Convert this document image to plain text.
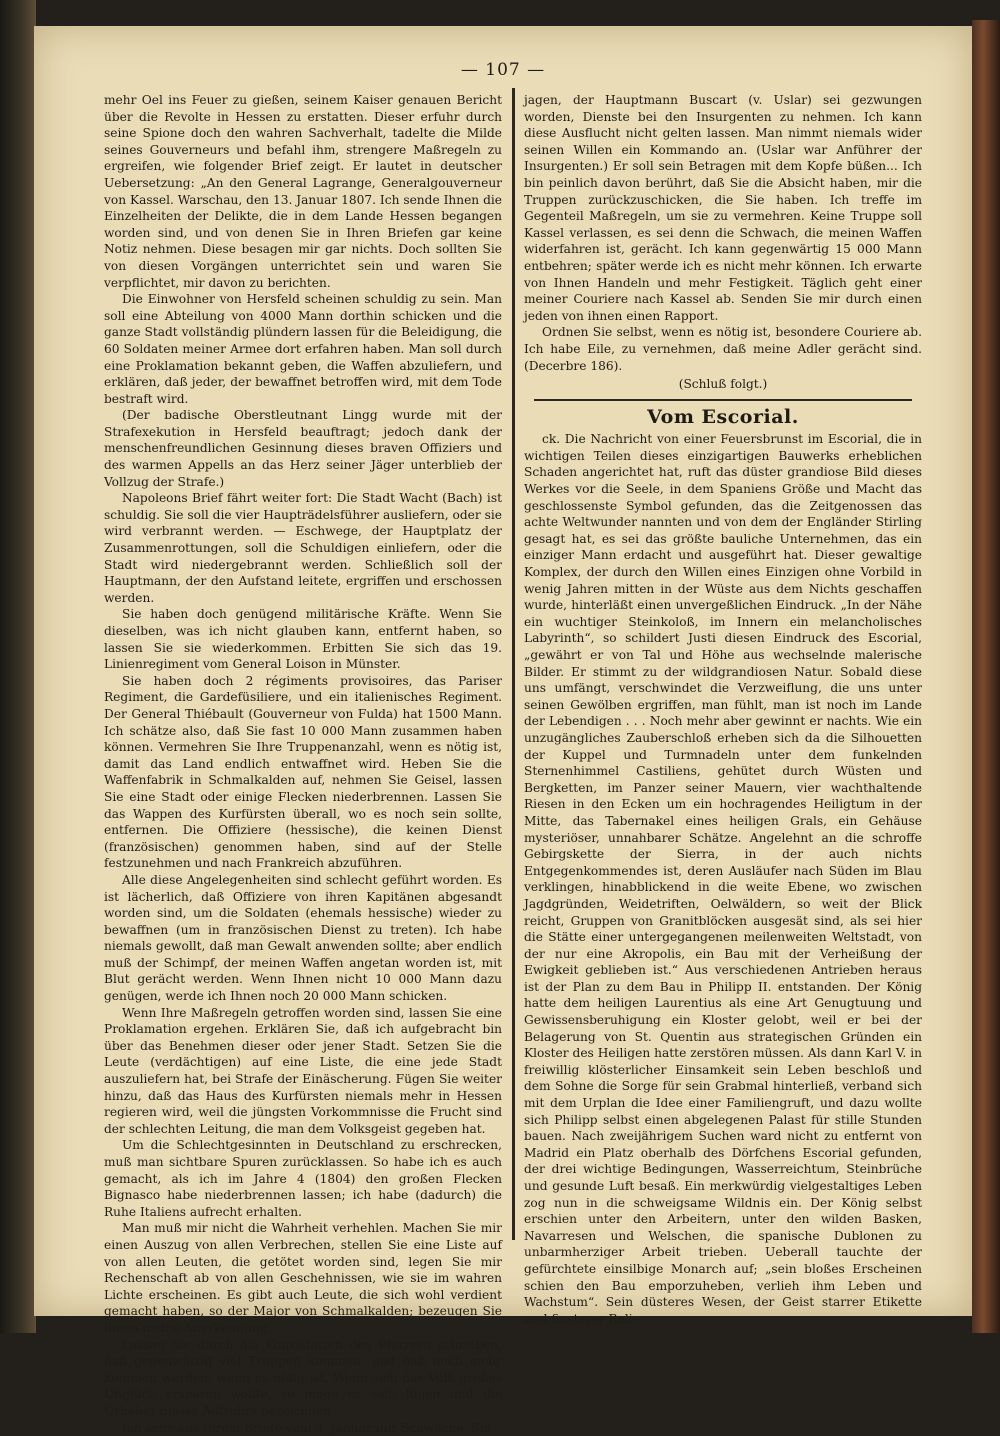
— 107 —

mehr Oel ins Feuer zu gießen, seinem Kaiser genauen Bericht über die Revolte in Hessen zu erstatten. Dieser erfuhr durch seine Spione doch den wahren Sachverhalt, tadelte die Milde seines Gouverneurs und befahl ihm, strengere Maßregeln zu ergreifen, wie folgender Brief zeigt. Er lautet in deutscher Uebersetzung: „An den General Lagrange, Generalgouverneur von Kassel. Warschau, den 13. Januar 1807. Ich sende Ihnen die Einzelheiten der Delikte, die in dem Lande Hessen begangen worden sind, und von denen Sie in Ihren Briefen gar keine Notiz nehmen. Diese besagen mir gar nichts. Doch sollten Sie von diesen Vorgängen unterrichtet sein und waren Sie verpflichtet, mir davon zu berichten.

Die Einwohner von Hersfeld scheinen schuldig zu sein. Man soll eine Abteilung von 4000 Mann dorthin schicken und die ganze Stadt vollständig plündern lassen für die Beleidigung, die 60 Soldaten meiner Armee dort erfahren haben. Man soll durch eine Proklamation bekannt geben, die Waffen abzuliefern, und erklären, daß jeder, der bewaffnet betroffen wird, mit dem Tode bestraft wird.

(Der badische Oberstleutnant Lingg wurde mit der Strafexekution in Hersfeld beauftragt; jedoch dank der menschenfreundlichen Gesinnung dieses braven Offiziers und des warmen Appells an das Herz seiner Jäger unterblieb der Vollzug der Strafe.)

Napoleons Brief fährt weiter fort: Die Stadt Wacht (Bach) ist schuldig. Sie soll die vier Haupträdelsführer ausliefern, oder sie wird verbrannt werden. — Eschwege, der Hauptplatz der Zusammenrottungen, soll die Schuldigen einliefern, oder die Stadt wird niedergebrannt werden. Schließlich soll der Hauptmann, der den Aufstand leitete, ergriffen und erschossen werden.

Sie haben doch genügend militärische Kräfte. Wenn Sie dieselben, was ich nicht glauben kann, entfernt haben, so lassen Sie sie wiederkommen. Erbitten Sie sich das 19. Linienregiment vom General Loison in Münster.

Sie haben doch 2 régiments provisoires, das Pariser Regiment, die Gardefüsiliere, und ein italienisches Regiment. Der General Thiébault (Gouverneur von Fulda) hat 1500 Mann. Ich schätze also, daß Sie fast 10 000 Mann zusammen haben können. Vermehren Sie Ihre Truppenanzahl, wenn es nötig ist, damit das Land endlich entwaffnet wird. Heben Sie die Waffenfabrik in Schmalkalden auf, nehmen Sie Geisel, lassen Sie eine Stadt oder einige Flecken niederbrennen. Lassen Sie das Wappen des Kurfürsten überall, wo es noch sein sollte, entfernen. Die Offiziere (hessische), die keinen Dienst (französischen) genommen haben, sind auf der Stelle festzunehmen und nach Frankreich abzuführen.

Alle diese Angelegenheiten sind schlecht geführt worden. Es ist lächerlich, daß Offiziere von ihren Kapitänen abgesandt worden sind, um die Soldaten (ehemals hessische) wieder zu bewaffnen (um in französischen Dienst zu treten). Ich habe niemals gewollt, daß man Gewalt anwenden sollte; aber endlich muß der Schimpf, der meinen Waffen angetan worden ist, mit Blut gerächt werden. Wenn Ihnen nicht 10 000 Mann dazu genügen, werde ich Ihnen noch 20 000 Mann schicken.

Wenn Ihre Maßregeln getroffen worden sind, lassen Sie eine Proklamation ergehen. Erklären Sie, daß ich aufgebracht bin über das Benehmen dieser oder jener Stadt. Setzen Sie die Leute (verdächtigen) auf eine Liste, die eine jede Stadt auszuliefern hat, bei Strafe der Einäscherung. Fügen Sie weiter hinzu, daß das Haus des Kurfürsten niemals mehr in Hessen regieren wird, weil die jüngsten Vorkommnisse die Frucht sind der schlechten Leitung, die man dem Volksgeist gegeben hat.

Um die Schlechtgesinnten in Deutschland zu erschrecken, muß man sichtbare Spuren zurücklassen. So habe ich es auch gemacht, als ich im Jahre 4 (1804) den großen Flecken Bignasco habe niederbrennen lassen; ich habe (dadurch) die Ruhe Italiens aufrecht erhalten.

Man muß mir nicht die Wahrheit verhehlen. Machen Sie mir einen Auszug von allen Verbrechen, stellen Sie eine Liste auf von allen Leuten, die getötet worden sind, legen Sie mir Rechenschaft ab von allen Geschehnissen, wie sie im wahren Lichte erscheinen. Es gibt auch Leute, die sich wohl verdient gemacht haben, so der Major von Schmalkalden; bezeugen Sie ihnen meine Anerkennung.

Lassen Sie durch die Konsistorien den Pfarrern schreiben, daß gegenwärtig viel Truppen kommen, und daß noch mehr kommen werden, wenn es nötig ist. Wenn sich das Volk großes Unglück ersparen wollte, so möge es sich fügen und die Urheber dieses Aufruhrs bezeichnen.

Ich sehe aus Ihrem Briefe vom 3. Januar nur Schwäche. Sie

jagen, der Hauptmann Buscart (v. Uslar) sei gezwungen worden, Dienste bei den Insurgenten zu nehmen. Ich kann diese Ausflucht nicht gelten lassen. Man nimmt niemals wider seinen Willen ein Kommando an. (Uslar war Anführer der Insurgenten.) Er soll sein Betragen mit dem Kopfe büßen... Ich bin peinlich davon berührt, daß Sie die Absicht haben, mir die Truppen zurückzuschicken, die Sie haben. Ich treffe im Gegenteil Maßregeln, um sie zu vermehren. Keine Truppe soll Kassel verlassen, es sei denn die Schwach, die meinen Waffen widerfahren ist, gerächt. Ich kann gegenwärtig 15 000 Mann entbehren; später werde ich es nicht mehr können. Ich erwarte von Ihnen Handeln und mehr Festigkeit. Täglich geht einer meiner Couriere nach Kassel ab. Senden Sie mir durch einen jeden von ihnen einen Rapport.

Ordnen Sie selbst, wenn es nötig ist, besondere Couriere ab. Ich habe Eile, zu vernehmen, daß meine Adler gerächt sind. (Decerbre 186).

(Schluß folgt.)
Vom Escorial.

ck. Die Nachricht von einer Feuersbrunst im Escorial, die in wichtigen Teilen dieses einzigartigen Bauwerks erheblichen Schaden angerichtet hat, ruft das düster grandiose Bild dieses Werkes vor die Seele, in dem Spaniens Größe und Macht das geschlossenste Symbol gefunden, das die Zeitgenossen das achte Weltwunder nannten und von dem der Engländer Stirling gesagt hat, es sei das größte bauliche Unternehmen, das ein einziger Mann erdacht und ausgeführt hat. Dieser gewaltige Komplex, der durch den Willen eines Einzigen ohne Vorbild in wenig Jahren mitten in der Wüste aus dem Nichts geschaffen wurde, hinterläßt einen unvergeßlichen Eindruck. „In der Nähe ein wuchtiger Steinkoloß, im Innern ein melancholisches Labyrinth“, so schildert Justi diesen Eindruck des Escorial, „gewährt er von Tal und Höhe aus wechselnde malerische Bilder. Er stimmt zu der wildgrandiosen Natur. Sobald diese uns umfängt, verschwindet die Verzweiflung, die uns unter seinen Gewölben ergriffen, man fühlt, man ist noch im Lande der Lebendigen . . . Noch mehr aber gewinnt er nachts. Wie ein unzugängliches Zauberschloß erheben sich da die Silhouetten der Kuppel und Turmnadeln unter dem funkelnden Sternenhimmel Castiliens, gehütet durch Wüsten und Bergketten, im Panzer seiner Mauern, vier wachthaltende Riesen in den Ecken um ein hochragendes Heiligtum in der Mitte, das Tabernakel eines heiligen Grals, ein Gehäuse mysteriöser, unnahbarer Schätze. Angelehnt an die schroffe Gebirgskette der Sierra, in der auch nichts Entgegenkommendes ist, deren Ausläufer nach Süden im Blau verklingen, hinabblickend in die weite Ebene, wo zwischen Jagdgründen, Weidetriften, Oelwäldern, so weit der Blick reicht, Gruppen von Granitblöcken ausgesät sind, als sei hier die Stätte einer untergegangenen meilenweiten Weltstadt, von der nur eine Akropolis, ein Bau mit der Verheißung der Ewigkeit geblieben ist.“ Aus verschiedenen Antrieben heraus ist der Plan zu dem Bau in Philipp II. entstanden. Der König hatte dem heiligen Laurentius als eine Art Genugtuung und Gewissensberuhigung ein Kloster gelobt, weil er bei der Belagerung von St. Quentin aus strategischen Gründen ein Kloster des Heiligen hatte zerstören müssen. Als dann Karl V. in freiwillig klösterlicher Einsamkeit sein Leben beschloß und dem Sohne die Sorge für sein Grabmal hinterließ, verband sich mit dem Urplan die Idee einer Familiengruft, und dazu wollte sich Philipp selbst einen abgelegenen Palast für stille Stunden bauen. Nach zweijährigem Suchen ward nicht zu entfernt von Madrid ein Platz oberhalb des Dörfchens Escorial gefunden, der drei wichtige Bedingungen, Wasserreichtum, Steinbrüche und gesunde Luft besaß. Ein merkwürdig vielgestaltiges Leben zog nun in die schweigsame Wildnis ein. Der König selbst erschien unter den Arbeitern, unter den wilden Basken, Navarresen und Welschen, die spanische Dublonen zu unbarmherziger Arbeit trieben. Ueberall tauchte der gefürchtete einsilbige Monarch auf; „sein bloßes Erscheinen schien den Bau emporzuheben, verlieh ihm Leben und Wachstum“. Sein düsteres Wesen, der Geist starrer Etikette und finsterer Reli-
